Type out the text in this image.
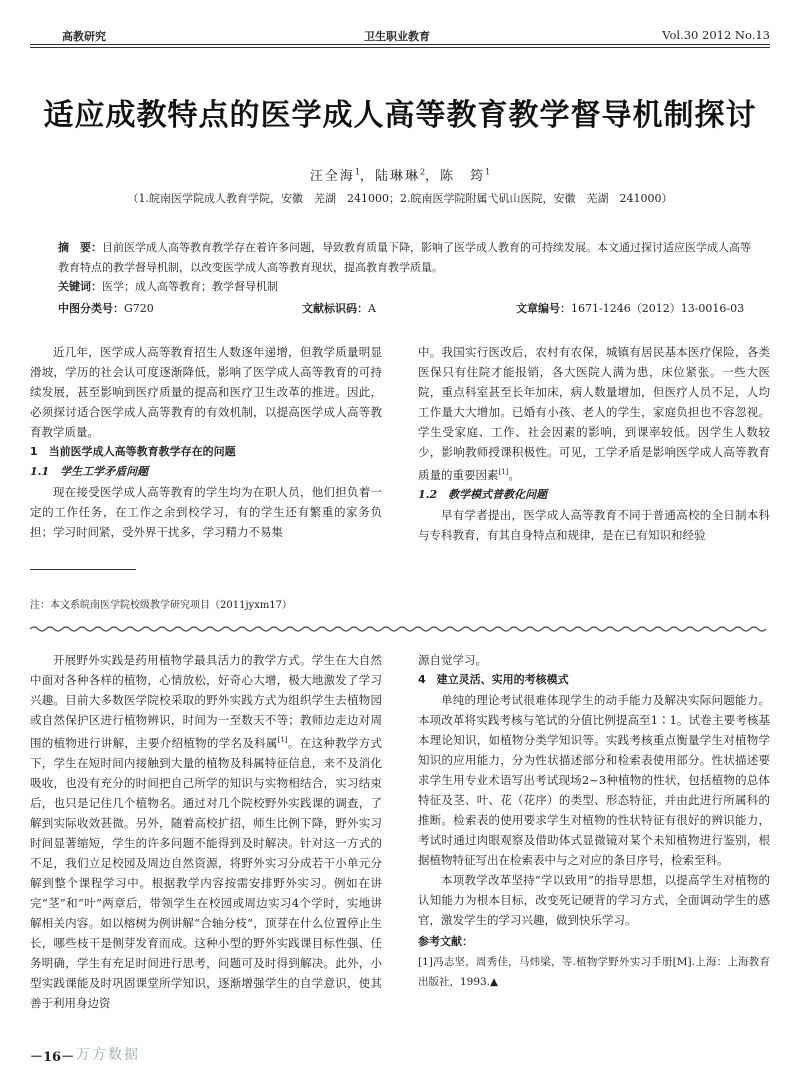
高教研究	卫生职业教育	Vol.30 2012 No.13
适应成教特点的医学成人高等教育教学督导机制探讨
汪全海$^1$，陆琳琳$^2$，陈　筠$^1$
（1.皖南医学院成人教育学院，安徽　芜湖　241000；2.皖南医学院附属弋矶山医院，安徽　芜湖　241000）
摘　要：目前医学成人高等教育教学存在着许多问题，导致教育质量下降，影响了医学成人教育的可持续发展。本文通过探讨适应医学成人高等教育特点的教学督导机制，以改变医学成人高等教育现状，提高教育教学质量。
关键词：医学；成人高等教育；教学督导机制
中图分类号：G720	文献标识码：A	文章编号：1671-1246（2012）13-0016-03

近几年，医学成人高等教育招生人数逐年递增，但教学质量明显滑坡，学历的社会认可度逐渐降低，影响了医学成人高等教育的可持续发展，甚至影响到医疗质量的提高和医疗卫生改革的推进。因此，必须探讨适合医学成人高等教育的有效机制，以提高医学成人高等教育教学质量。

1　当前医学成人高等教育教学存在的问题

1.1　学生工学矛盾问题

现在接受医学成人高等教育的学生均为在职人员，他们担负着一定的工作任务，在工作之余到校学习，有的学生还有繁重的家务负担；学习时间紧，受外界干扰多，学习精力不易集

中。我国实行医改后，农村有农保，城镇有居民基本医疗保险，各类医保只有住院才能报销，各大医院人满为患，床位紧张。一些大医院，重点科室甚至长年加床，病人数量增加，但医疗人员不足，人均工作量大大增加。已婚有小孩、老人的学生，家庭负担也不容忽视。学生受家庭、工作、社会因素的影响，到课率较低。因学生人数较少，影响教师授课积极性。可见，工学矛盾是影响医学成人高等教育质量的重要因素[1]。

1.2　教学模式普教化问题

早有学者提出，医学成人高等教育不同于普通高校的全日制本科与专科教育，有其自身特点和规律，是在已有知识和经验

注：本文系皖南医学院校级教学研究项目（2011jyxm17）

开展野外实践是药用植物学最具活力的教学方式。学生在大自然中面对各种各样的植物，心情放松，好奇心大增，极大地激发了学习兴趣。目前大多数医学院校采取的野外实践方式为组织学生去植物园或自然保护区进行植物辨识，时间为一至数天不等；教师边走边对周围的植物进行讲解，主要介绍植物的学名及科属[1]。在这种教学方式下，学生在短时间内接触到大量的植物及科属特征信息，来不及消化吸收，也没有充分的时间把自己所学的知识与实物相结合，实习结束后，也只是记住几个植物名。通过对几个院校野外实践课的调查，了解到实际收效甚微。另外，随着高校扩招，师生比例下降，野外实习时间显著缩短，学生的许多问题不能得到及时解决。针对这一方式的不足，我们立足校园及周边自然资源，将野外实习分成若干小单元分解到整个课程学习中。根据教学内容按需安排野外实习。例如在讲完“茎”和“叶”两章后，带领学生在校园或周边实习4个学时，实地讲解相关内容。如以榕树为例讲解“合轴分枝”，顶芽在什么位置停止生长，哪些枝干是侧芽发育而成。这种小型的野外实践课目标性强、任务明确，学生有充足时间进行思考，问题可及时得到解决。此外，小型实践课能及时巩固课堂所学知识，逐渐增强学生的自学意识，使其善于利用身边资

源自觉学习。

4　建立灵活、实用的考核模式

单纯的理论考试很难体现学生的动手能力及解决实际问题能力。本项改革将实践考核与笔试的分值比例提高至1∶1。试卷主要考核基本理论知识，如植物分类学知识等。实践考核重点衡量学生对植物学知识的应用能力，分为性状描述部分和检索表使用部分。性状描述要求学生用专业术语写出考试现场2~3种植物的性状，包括植物的总体特征及茎、叶、花（花序）的类型、形态特征，并由此进行所属科的推断。检索表的使用要求学生对植物的性状特征有很好的辨识能力，考试时通过肉眼观察及借助体式显微镜对某个未知植物进行鉴别，根据植物特征写出在检索表中与之对应的条目序号，检索至科。

本项教学改革坚持“学以致用”的指导思想，以提高学生对植物的认知能力为根本目标，改变死记硬背的学习方式，全面调动学生的感官，激发学生的学习兴趣，做到快乐学习。

参考文献：

[1]冯志坚，周秀佳，马炜梁，等.植物学野外实习手册[M].上海：上海教育出版社，1993.▲

－16－ 万方数据
